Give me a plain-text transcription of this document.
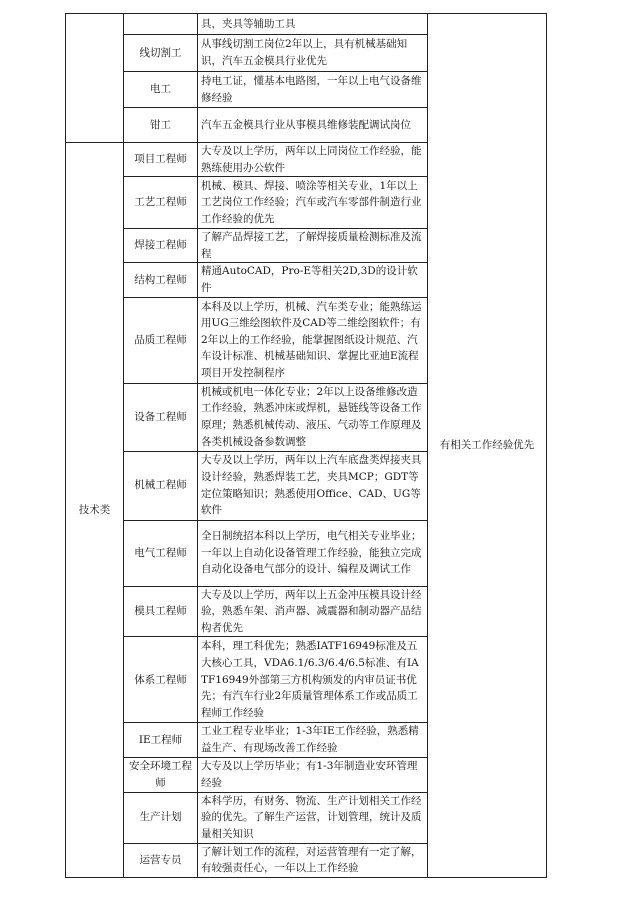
		具，夹具等辅助工具	有相关工作经验优先
	线切割工	从事线切割工岗位2年以上，具有机械基础知识，汽车五金模具行业优先	
	电工	持电工证，懂基本电路图，一年以上电气设备维修经验	
	钳工	汽车五金模具行业从事模具维修装配调试岗位	
技术类	项目工程师	大专及以上学历，两年以上同岗位工作经验，能熟练使用办公软件	
	工艺工程师	机械、模具、焊接、喷涂等相关专业，1年以上工艺岗位工作经验；汽车或汽车零部件制造行业工作经验的优先	
	焊接工程师	了解产品焊接工艺，了解焊接质量检测标准及流程	
	结构工程师	精通AutoCAD，Pro-E等相关2D,3D的设计软件	
	品质工程师	本科及以上学历，机械、汽车类专业；能熟练运用UG三维绘图软件及CAD等二维绘图软件；有2年以上的工作经验，能掌握图纸设计规范、汽车设计标准、机械基础知识、掌握比亚迪E流程项目开发控制程序	
	设备工程师	机械或机电一体化专业；2年以上设备维修改造工作经验，熟悉冲床或焊机，悬链线等设备工作原理；熟悉机械传动、液压、气动等工作原理及各类机械设备参数调整	
	机械工程师	大专及以上学历，两年以上汽车底盘类焊接夹具设计经验，熟悉焊装工艺，夹具MCP；GDT等定位策略知识；熟悉使用Office、CAD、UG等软件	
	电气工程师	全日制统招本科以上学历，电气相关专业毕业；一年以上自动化设备管理工作经验，能独立完成自动化设备电气部分的设计、编程及调试工作	
	模具工程师	大专及以上学历，两年以上五金冲压模具设计经验，熟悉车架、消声器、减震器和制动器产品结构者优先	
	体系工程师	本科，理工科优先；熟悉IATF16949标准及五大核心工具，VDA6.1/6.3/6.4/6.5标准、有IATF16949外部第三方机构颁发的内审员证书优先；有汽车行业2年质量管理体系工作或品质工程师工作经验	
	IE工程师	工业工程专业毕业；1-3年IE工作经验，熟悉精益生产、有现场改善工作经验	
	安全环境工程师	大专及以上学历毕业；有1-3年制造业安环管理经验	
	生产计划	本科学历，有财务、物流、生产计划相关工作经验的优先。了解生产运营，计划管理，统计及质量相关知识	
	运营专员	了解计划工作的流程，对运营管理有一定了解，有较强责任心，一年以上工作经验	
